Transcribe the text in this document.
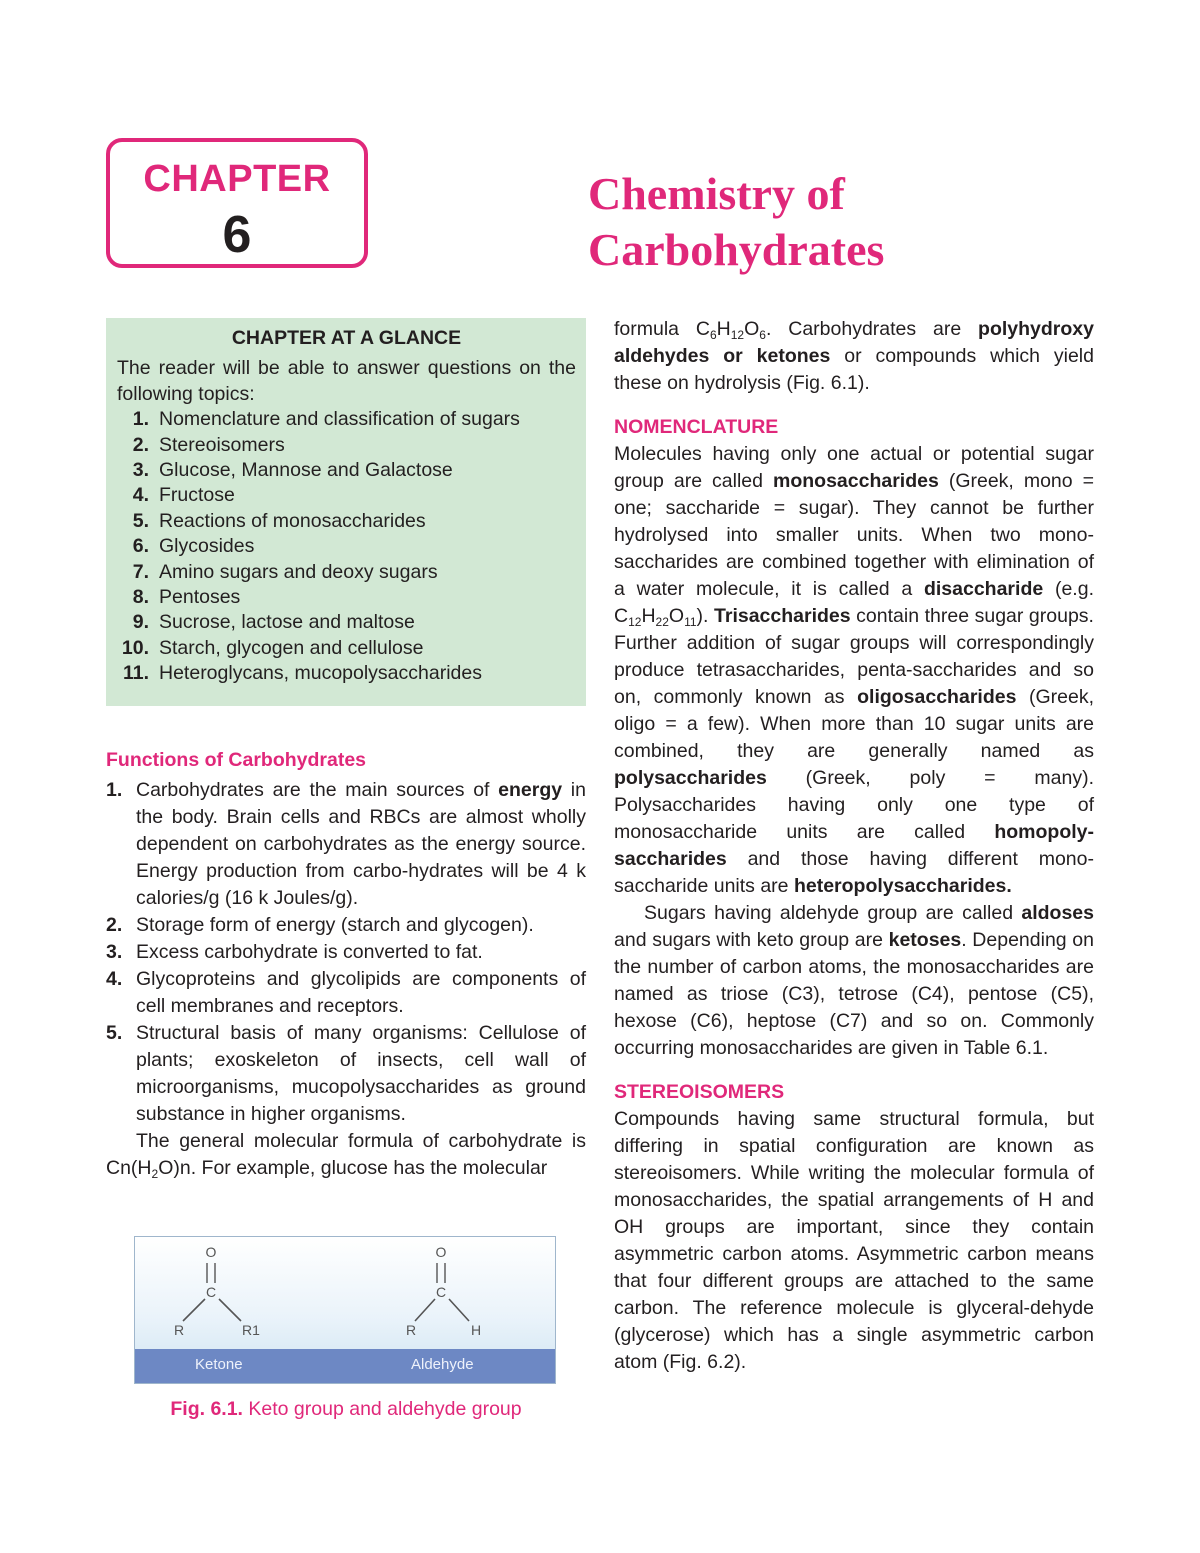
CHAPTER
6
Chemistry of
Carbohydrates
CHAPTER AT A GLANCE
The reader will be able to answer questions on the following topics:
1. Nomenclature and classification of sugars
2. Stereoisomers
3. Glucose, Mannose and Galactose
4. Fructose
5. Reactions of monosaccharides
6. Glycosides
7. Amino sugars and deoxy sugars
8. Pentoses
9. Sucrose, lactose and maltose
10. Starch, glycogen and cellulose
11. Heteroglycans, mucopolysaccharides
Functions of Carbohydrates
1. Carbohydrates are the main sources of energy in the body. Brain cells and RBCs are almost wholly dependent on carbohydrates as the energy source. Energy production from carbo-hydrates will be 4 k calories/g (16 k Joules/g).
2. Storage form of energy (starch and glycogen).
3. Excess carbohydrate is converted to fat.
4. Glycoproteins and glycolipids are components of cell membranes and receptors.
5. Structural basis of many organisms: Cellulose of plants; exoskeleton of insects, cell wall of microorganisms, mucopolysaccharides as ground substance in higher organisms.
The general molecular formula of carbohydrate is $Cn(H_2O)n$. For example, glucose has the molecular
O
C
R	R1
O
C
R	H
Ketone	Aldehyde
Fig. 6.1. Keto group and aldehyde group

formula $C_6H_{12}O_6$. Carbohydrates are polyhydroxy aldehydes or ketones or compounds which yield these on hydrolysis (Fig. 6.1).

NOMENCLATURE

Molecules having only one actual or potential sugar group are called monosaccharides (Greek, mono = one; saccharide = sugar). They cannot be further hydrolysed into smaller units. When two mono-saccharides are combined together with elimination of a water molecule, it is called a disaccharide (e.g. $C_{12}H_{22}O_{11}$). Trisaccharides contain three sugar groups. Further addition of sugar groups will correspondingly produce tetrasaccharides, penta-saccharides and so on, commonly known as oligosaccharides (Greek, oligo = a few). When more than 10 sugar units are combined, they are generally named as polysaccharides (Greek, poly = many). Polysaccharides having only one type of monosaccharide units are called homopoly-saccharides and those having different mono-saccharide units are heteropolysaccharides.

Sugars having aldehyde group are called aldoses and sugars with keto group are ketoses. Depending on the number of carbon atoms, the monosaccharides are named as triose (C3), tetrose (C4), pentose (C5), hexose (C6), heptose (C7) and so on. Commonly occurring monosaccharides are given in Table 6.1.

STEREOISOMERS

Compounds having same structural formula, but differing in spatial configuration are known as stereoisomers. While writing the molecular formula of monosaccharides, the spatial arrangements of H and OH groups are important, since they contain asymmetric carbon atoms. Asymmetric carbon means that four different groups are attached to the same carbon. The reference molecule is glyceral-dehyde (glycerose) which has a single asymmetric carbon atom (Fig. 6.2).
